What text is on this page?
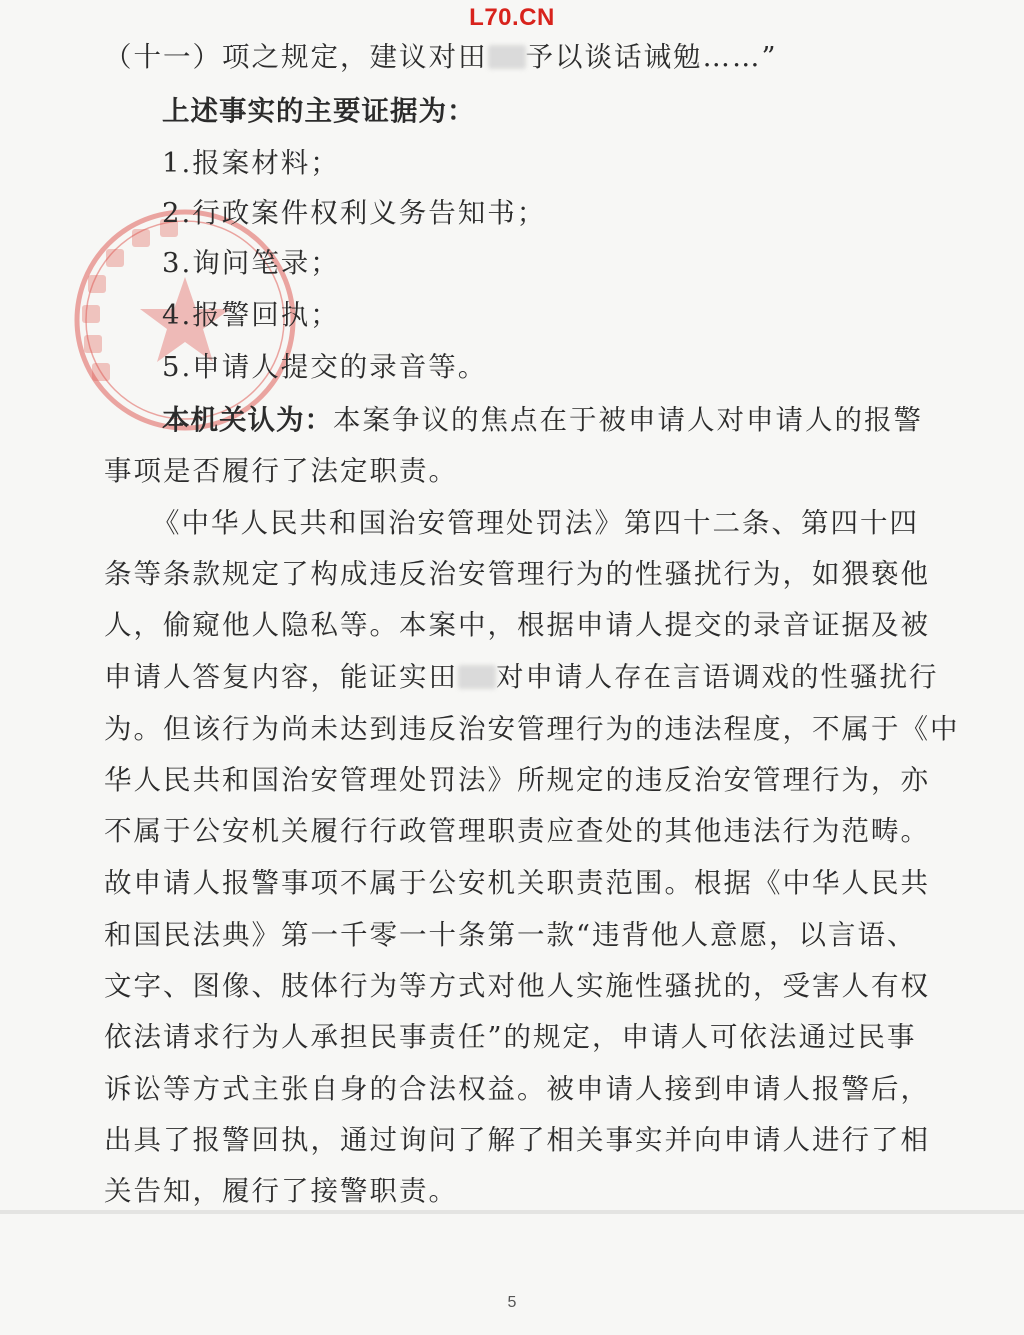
L70.CN
（十一）项之规定，建议对田 予以谈话诫勉……”
上述事实的主要证据为：
1.报案材料；
2.行政案件权利义务告知书；
3.询问笔录；
4.报警回执；
5.申请人提交的录音等。
本机关认为：本案争议的焦点在于被申请人对申请人的报警
事项是否履行了法定职责。
《中华人民共和国治安管理处罚法》第四十二条、第四十四
条等条款规定了构成违反治安管理行为的性骚扰行为，如猥亵他
人，偷窥他人隐私等。本案中，根据申请人提交的录音证据及被
申请人答复内容，能证实田 对申请人存在言语调戏的性骚扰行
为。但该行为尚未达到违反治安管理行为的违法程度，不属于《中
华人民共和国治安管理处罚法》所规定的违反治安管理行为，亦
不属于公安机关履行行政管理职责应查处的其他违法行为范畴。
故申请人报警事项不属于公安机关职责范围。根据《中华人民共
和国民法典》第一千零一十条第一款“违背他人意愿，以言语、
文字、图像、肢体行为等方式对他人实施性骚扰的，受害人有权
依法请求行为人承担民事责任”的规定，申请人可依法通过民事
诉讼等方式主张自身的合法权益。被申请人接到申请人报警后，
出具了报警回执，通过询问了解了相关事实并向申请人进行了相
关告知，履行了接警职责。
5
